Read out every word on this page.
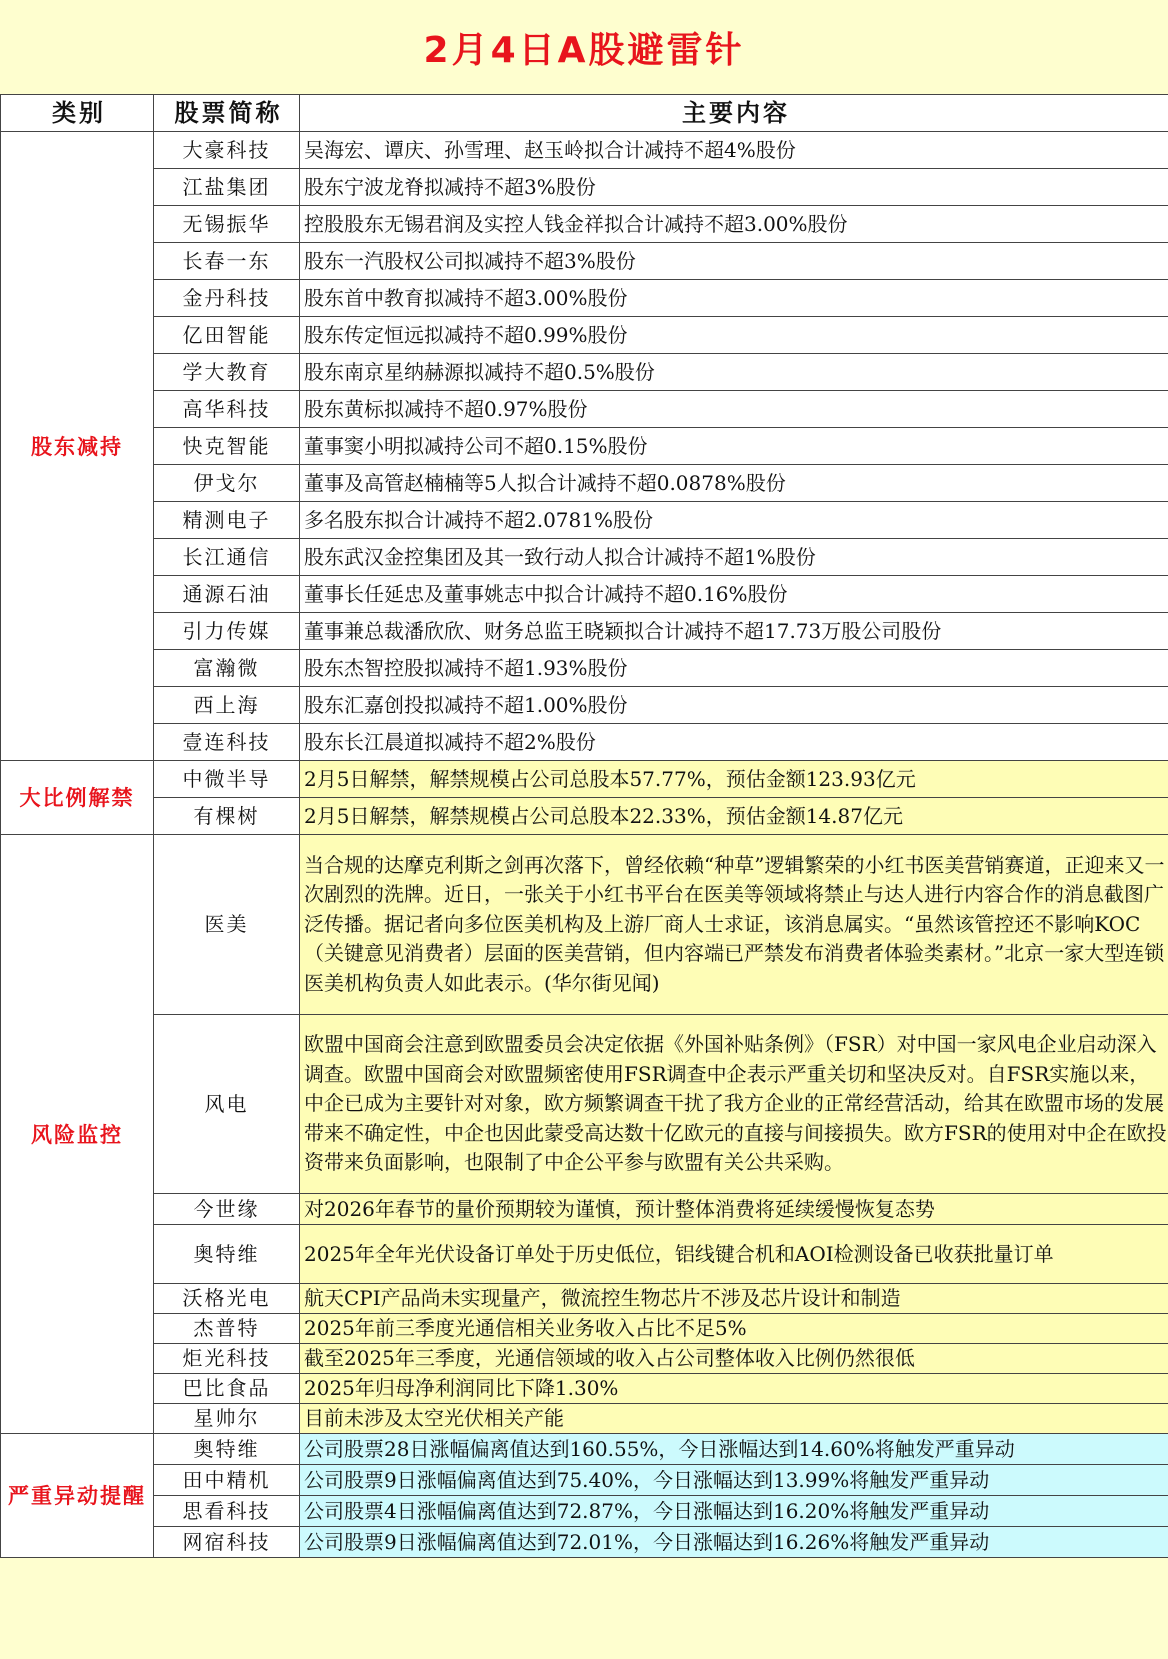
2月4日A股避雷针
类别	股票简称	主要内容
股东减持	大豪科技	吴海宏、谭庆、孙雪理、赵玉岭拟合计减持不超4%股份
	江盐集团	股东宁波龙脊拟减持不超3%股份
	无锡振华	控股股东无锡君润及实控人钱金祥拟合计减持不超3.00%股份
	长春一东	股东一汽股权公司拟减持不超3%股份
	金丹科技	股东首中教育拟减持不超3.00%股份
	亿田智能	股东传定恒远拟减持不超0.99%股份
	学大教育	股东南京星纳赫源拟减持不超0.5%股份
	高华科技	股东黄标拟减持不超0.97%股份
	快克智能	董事窦小明拟减持公司不超0.15%股份
	伊戈尔	董事及高管赵楠楠等5人拟合计减持不超0.0878%股份
	精测电子	多名股东拟合计减持不超2.0781%股份
	长江通信	股东武汉金控集团及其一致行动人拟合计减持不超1%股份
	通源石油	董事长任延忠及董事姚志中拟合计减持不超0.16%股份
	引力传媒	董事兼总裁潘欣欣、财务总监王晓颖拟合计减持不超17.73万股公司股份
	富瀚微	股东杰智控股拟减持不超1.93%股份
	西上海	股东汇嘉创投拟减持不超1.00%股份
	壹连科技	股东长江晨道拟减持不超2%股份
大比例解禁	中微半导	2月5日解禁，解禁规模占公司总股本57.77%，预估金额123.93亿元
	有棵树	2月5日解禁，解禁规模占公司总股本22.33%，预估金额14.87亿元
风险监控	医美	当合规的达摩克利斯之剑再次落下，曾经依赖“种草”逻辑繁荣的小红书医美营销赛道，正迎来又一次剧烈的洗牌。近日，一张关于小红书平台在医美等领域将禁止与达人进行内容合作的消息截图广泛传播。据记者向多位医美机构及上游厂商人士求证，该消息属实。“虽然该管控还不影响KOC（关键意见消费者）层面的医美营销，但内容端已严禁发布消费者体验类素材。”北京一家大型连锁医美机构负责人如此表示。(华尔街见闻)
	风电	欧盟中国商会注意到欧盟委员会决定依据《外国补贴条例》（FSR）对中国一家风电企业启动深入调查。欧盟中国商会对欧盟频密使用FSR调查中企表示严重关切和坚决反对。自FSR实施以来，中企已成为主要针对对象，欧方频繁调查干扰了我方企业的正常经营活动，给其在欧盟市场的发展带来不确定性，中企也因此蒙受高达数十亿欧元的直接与间接损失。欧方FSR的使用对中企在欧投资带来负面影响，也限制了中企公平参与欧盟有关公共采购。
	今世缘	对2026年春节的量价预期较为谨慎，预计整体消费将延续缓慢恢复态势
	奥特维	2025年全年光伏设备订单处于历史低位，铝线键合机和AOI检测设备已收获批量订单
	沃格光电	航天CPI产品尚未实现量产，微流控生物芯片不涉及芯片设计和制造
	杰普特	2025年前三季度光通信相关业务收入占比不足5%
	炬光科技	截至2025年三季度，光通信领域的收入占公司整体收入比例仍然很低
	巴比食品	2025年归母净利润同比下降1.30%
	星帅尔	目前未涉及太空光伏相关产能
严重异动提醒	奥特维	公司股票28日涨幅偏离值达到160.55%，今日涨幅达到14.60%将触发严重异动
	田中精机	公司股票9日涨幅偏离值达到75.40%，今日涨幅达到13.99%将触发严重异动
	思看科技	公司股票4日涨幅偏离值达到72.87%，今日涨幅达到16.20%将触发严重异动
	网宿科技	公司股票9日涨幅偏离值达到72.01%，今日涨幅达到16.26%将触发严重异动
